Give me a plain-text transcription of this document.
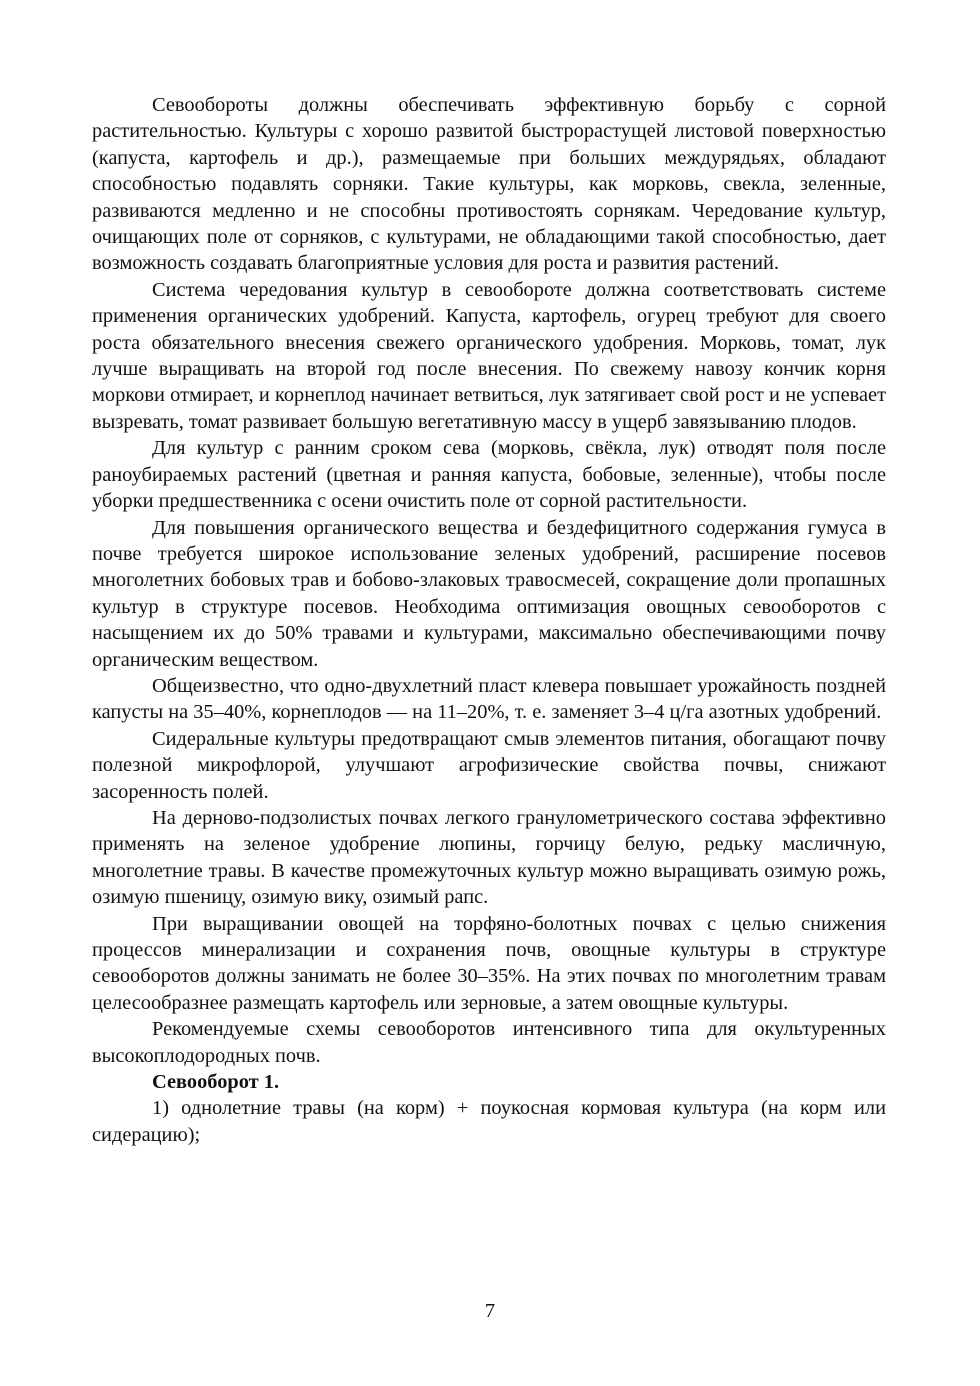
Севообороты должны обеспечивать эффективную борьбу с сорной растительностью. Культуры с хорошо развитой быстрорастущей листовой поверхностью (капуста, картофель и др.), размещаемые при больших междурядьях, обладают способностью подавлять сорняки. Такие культуры, как морковь, свекла, зеленные, развиваются медленно и не способны противостоять сорнякам. Чередование культур, очищающих поле от сорняков, с культурами, не обладающими такой способностью, дает возможность создавать благоприятные условия для роста и развития растений.

Система чередования культур в севообороте должна соответствовать системе применения органических удобрений. Капуста, картофель, огурец требуют для своего роста обязательного внесения свежего органического удобрения. Морковь, томат, лук лучше выращивать на второй год после внесения. По свежему навозу кончик корня моркови отмирает, и корнеплод начинает ветвиться, лук затягивает свой рост и не успевает вызревать, томат развивает большую вегетативную массу в ущерб завязыванию плодов.

Для культур с ранним сроком сева (морковь, свёкла, лук) отводят поля после раноубираемых растений (цветная и ранняя капуста, бобовые, зеленные), чтобы после уборки предшественника с осени очистить поле от сорной растительности.

Для повышения органического вещества и бездефицитного содержания гумуса в почве требуется широкое использование зеленых удобрений, расширение посевов многолетних бобовых трав и бобово-злаковых травосмесей, сокращение доли пропашных культур в структуре посевов. Необходима оптимизация овощных севооборотов с насыщением их до 50% травами и культурами, максимально обеспечивающими почву органическим веществом.

Общеизвестно, что одно-двухлетний пласт клевера повышает урожайность поздней капусты на 35–40%, корнеплодов — на 11–20%, т. е. заменяет 3–4 ц/га азотных удобрений.

Сидеральные культуры предотвращают смыв элементов питания, обогащают почву полезной микрофлорой, улучшают агрофизические свойства почвы, снижают засоренность полей.

На дерново-подзолистых почвах легкого гранулометрического состава эффективно применять на зеленое удобрение люпины, горчицу белую, редьку масличную, многолетние травы. В качестве промежуточных культур можно выращивать озимую рожь, озимую пшеницу, озимую вику, озимый рапс.

При выращивании овощей на торфяно-болотных почвах с целью снижения процессов минерализации и сохранения почв, овощные культуры в структуре севооборотов должны занимать не более 30–35%. На этих почвах по многолетним травам целесообразнее размещать картофель или зерновые, а затем овощные культуры.

Рекомендуемые схемы севооборотов интенсивного типа для окультуренных высокоплодородных почв.

Севооборот 1.

1) однолетние травы (на корм) + поукосная кормовая культура (на корм или сидерацию);

7
